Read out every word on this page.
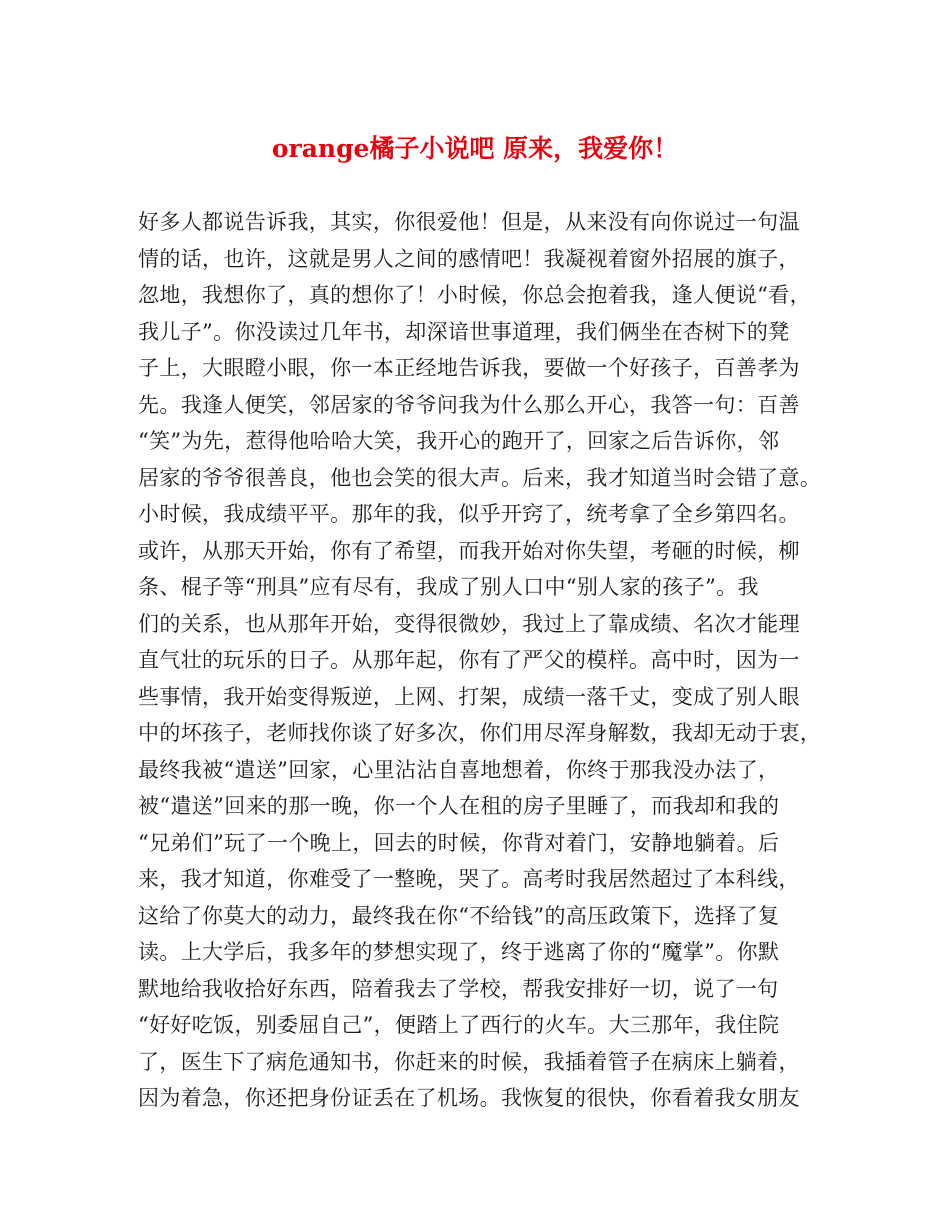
orange橘子小说吧 原来，我爱你！
好多人都说告诉我，其实，你很爱他！但是，从来没有向你说过一句温
情的话，也许，这就是男人之间的感情吧！我凝视着窗外招展的旗子，
忽地，我想你了，真的想你了！小时候，你总会抱着我，逢人便说“看，
我儿子”。你没读过几年书，却深谙世事道理，我们俩坐在杏树下的凳
子上，大眼瞪小眼，你一本正经地告诉我，要做一个好孩子，百善孝为
先。我逢人便笑，邻居家的爷爷问我为什么那么开心，我答一句：百善
“笑”为先，惹得他哈哈大笑，我开心的跑开了，回家之后告诉你，邻
居家的爷爷很善良，他也会笑的很大声。后来，我才知道当时会错了意。
小时候，我成绩平平。那年的我，似乎开窍了，统考拿了全乡第四名。
或许，从那天开始，你有了希望，而我开始对你失望，考砸的时候，柳
条、棍子等“刑具”应有尽有，我成了别人口中“别人家的孩子”。我
们的关系，也从那年开始，变得很微妙，我过上了靠成绩、名次才能理
直气壮的玩乐的日子。从那年起，你有了严父的模样。高中时，因为一
些事情，我开始变得叛逆，上网、打架，成绩一落千丈，变成了别人眼
中的坏孩子，老师找你谈了好多次，你们用尽浑身解数，我却无动于衷，
最终我被“遣送”回家，心里沾沾自喜地想着，你终于那我没办法了，
被“遣送”回来的那一晚，你一个人在租的房子里睡了，而我却和我的
“兄弟们”玩了一个晚上，回去的时候，你背对着门，安静地躺着。后
来，我才知道，你难受了一整晚，哭了。高考时我居然超过了本科线，
这给了你莫大的动力，最终我在你“不给钱”的高压政策下，选择了复
读。上大学后，我多年的梦想实现了，终于逃离了你的“魔掌”。你默
默地给我收拾好东西，陪着我去了学校，帮我安排好一切，说了一句
“好好吃饭，别委屈自己”，便踏上了西行的火车。大三那年，我住院
了，医生下了病危通知书，你赶来的时候，我插着管子在病床上躺着，
因为着急，你还把身份证丢在了机场。我恢复的很快，你看着我女朋友
